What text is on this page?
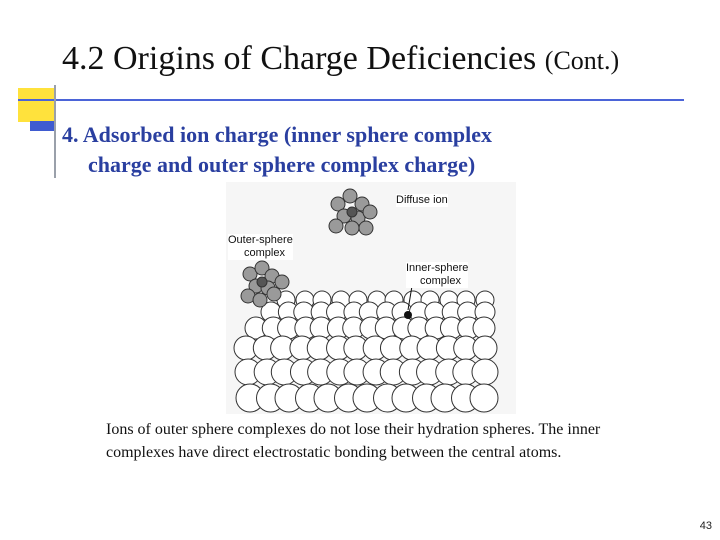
4.2 Origins of Charge Deficiencies (Cont.)
4. Adsorbed ion charge (inner sphere complex
charge and outer sphere complex charge)
Diffuse ion
Outer-sphere
complex
Inner-sphere
complex
Ions of outer sphere complexes do not lose their hydration spheres. The inner complexes have direct electrostatic bonding between the central atoms.
43
